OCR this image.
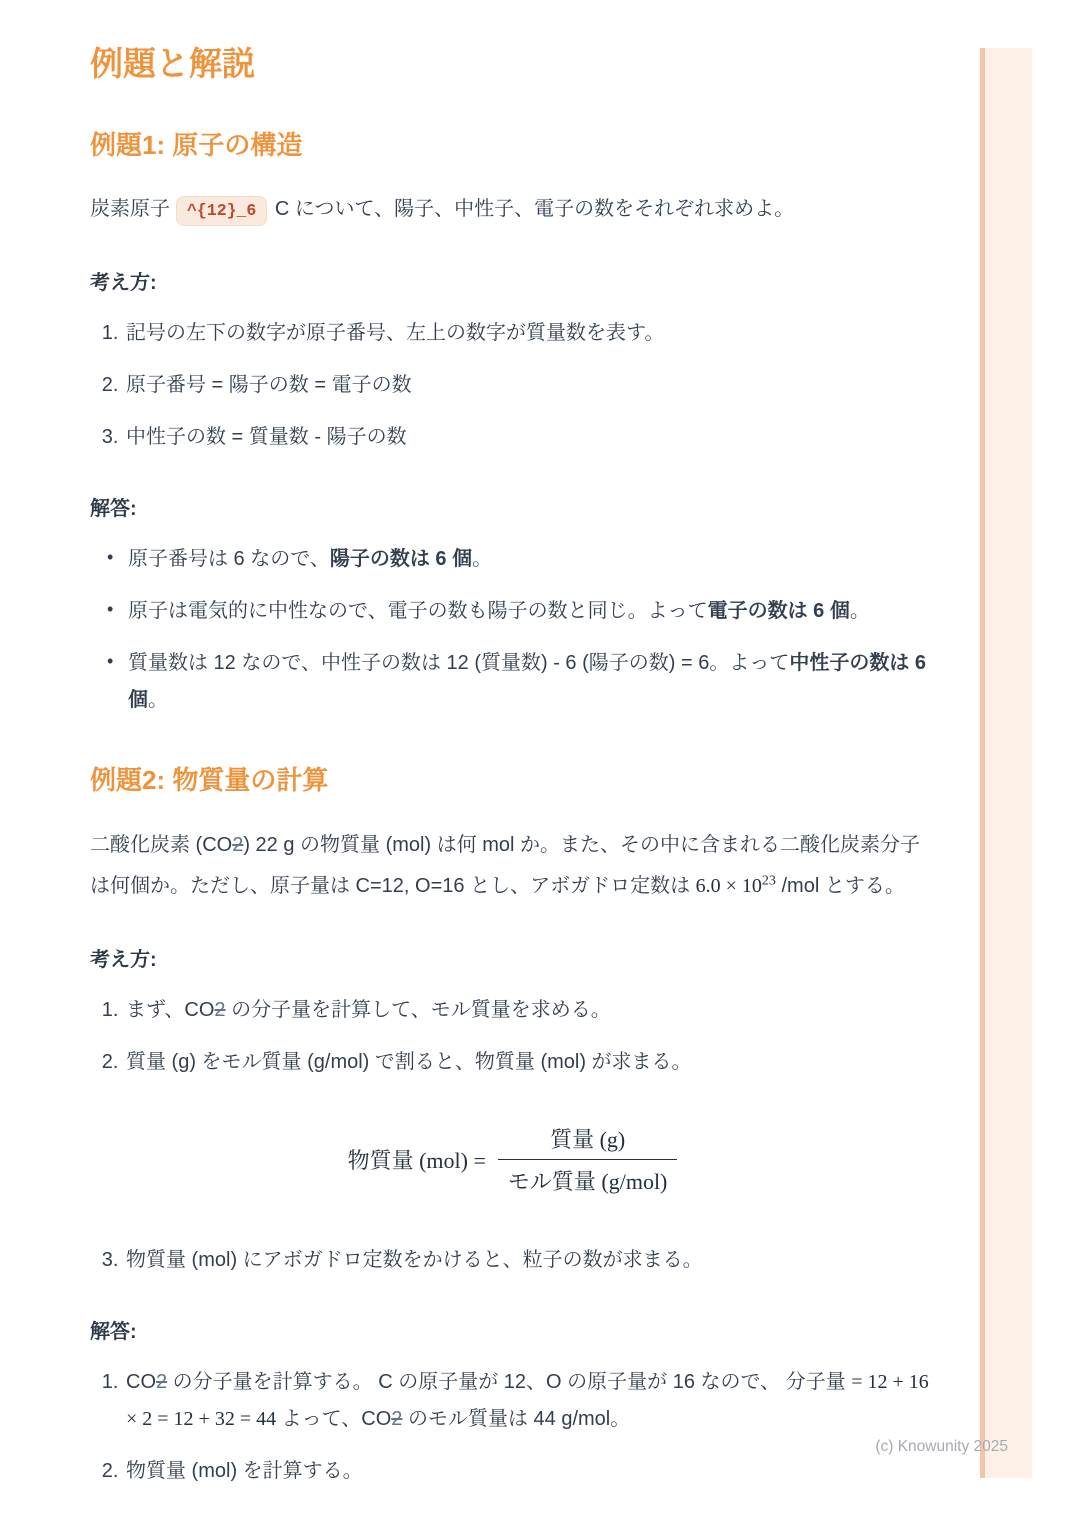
例題と解説
例題1: 原子の構造

炭素原子 ^{12}_6 C について、陽子、中性子、電子の数をそれぞれ求めよ。

考え方:
1. 記号の左下の数字が原子番号、左上の数字が質量数を表す。
2. 原子番号 = 陽子の数 = 電子の数
3. 中性子の数 = 質量数 - 陽子の数
解答:
• 原子番号は 6 なので、陽子の数は 6 個。
• 原子は電気的に中性なので、電子の数も陽子の数と同じ。よって電子の数は 6 個。
• 質量数は 12 なので、中性子の数は 12 (質量数) - 6 (陽子の数) = 6。よって中性子の数は 6 個。
例題2: 物質量の計算

二酸化炭素 (CO2) 22 g の物質量 (mol) は何 mol か。また、その中に含まれる二酸化炭素分子は何個か。ただし、原子量は C=12, O=16 とし、アボガドロ定数は $6.0 \times 10^{23}$ /mol とする。

考え方:
1. まず、CO2 の分子量を計算して、モル質量を求める。
2. 質量 (g) をモル質量 (g/mol) で割ると、物質量 (mol) が求まる。
物質量 $(mol) = \frac{\text{質量 (g)}}{\text{モル質量 (g/mol)}}$
3. 物質量 (mol) にアボガドロ定数をかけると、粒子の数が求まる。
解答:
1. CO2 の分子量を計算する。 C の原子量が 12、O の原子量が 16 なので、 分子量 = 12 + 16 × 2 = 12 + 32 = 44 よって、CO2 のモル質量は 44 g/mol。
2. 物質量 (mol) を計算する。
(c) Knowunity 2025
